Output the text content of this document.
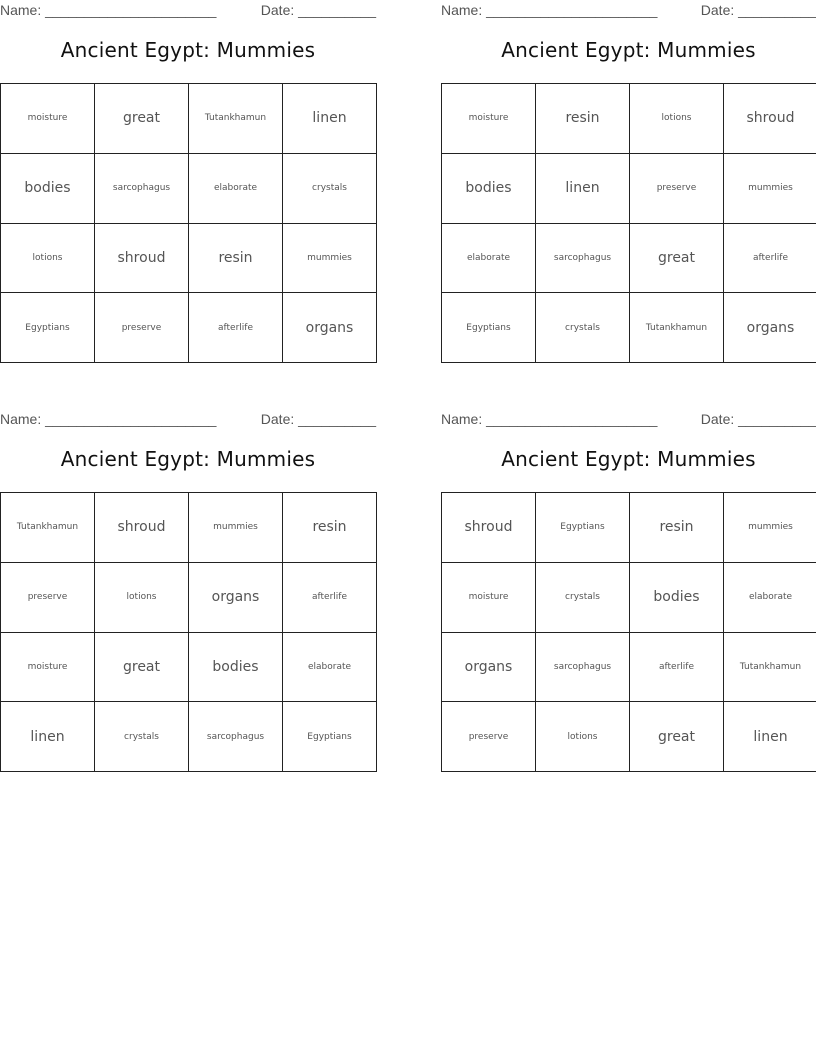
Name: ______________________	Date: __________
Ancient Egypt: Mummies
moisture	great	Tutankhamun	linen
bodies	sarcophagus	elaborate	crystals
lotions	shroud	resin	mummies
Egyptians	preserve	afterlife	organs
Name: ______________________	Date: __________
Ancient Egypt: Mummies
moisture	resin	lotions	shroud
bodies	linen	preserve	mummies
elaborate	sarcophagus	great	afterlife
Egyptians	crystals	Tutankhamun	organs
Name: ______________________	Date: __________
Ancient Egypt: Mummies
Tutankhamun	shroud	mummies	resin
preserve	lotions	organs	afterlife
moisture	great	bodies	elaborate
linen	crystals	sarcophagus	Egyptians
Name: ______________________	Date: __________
Ancient Egypt: Mummies
shroud	Egyptians	resin	mummies
moisture	crystals	bodies	elaborate
organs	sarcophagus	afterlife	Tutankhamun
preserve	lotions	great	linen
